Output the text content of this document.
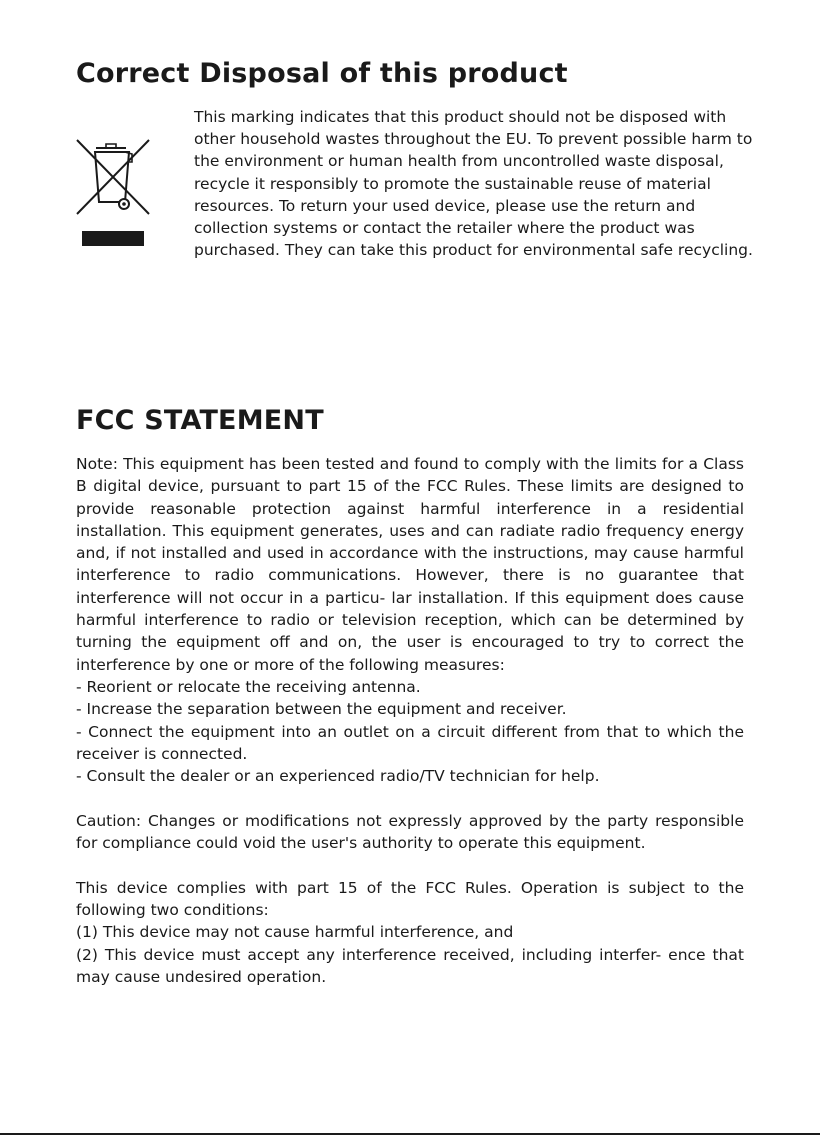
Correct Disposal of this product

This marking indicates that this product should not be disposed with other household wastes throughout the EU. To prevent possible harm to the environment or human health from uncontrolled waste disposal, recycle it responsibly to promote the sustainable reuse of material resources. To return your used device, please use the return and collection systems or contact the retailer where the product was purchased. They can take this product for environmental safe recycling.

FCC STATEMENT

Note: This equipment has been tested and found to comply with the limits for a Class B digital device, pursuant to part 15 of the FCC Rules. These limits are designed to provide reasonable protection against harmful interference in a residential installation. This equipment generates, uses and can radiate radio frequency energy and, if not installed and used in accordance with the instructions, may cause harmful interference to radio communications. However, there is no guarantee that interference will not occur in a particu- lar installation. If this equipment does cause harmful interference to radio or television reception, which can be determined by turning the equipment off and on, the user is encouraged to try to correct the interference by one or more of the following measures:

- Reorient or relocate the receiving antenna.

- Increase the separation between the equipment and receiver.

- Connect the equipment into an outlet on a circuit different from that to which the receiver is connected.

- Consult the dealer or an experienced radio/TV technician for help.

Caution: Changes or modifications not expressly approved by the party responsible for compliance could void the user's authority to operate this equipment.

This device complies with part 15 of the FCC Rules. Operation is subject to the following two conditions:

(1) This device may not cause harmful interference, and

(2) This device must accept any interference received, including interfer- ence that may cause undesired operation.
